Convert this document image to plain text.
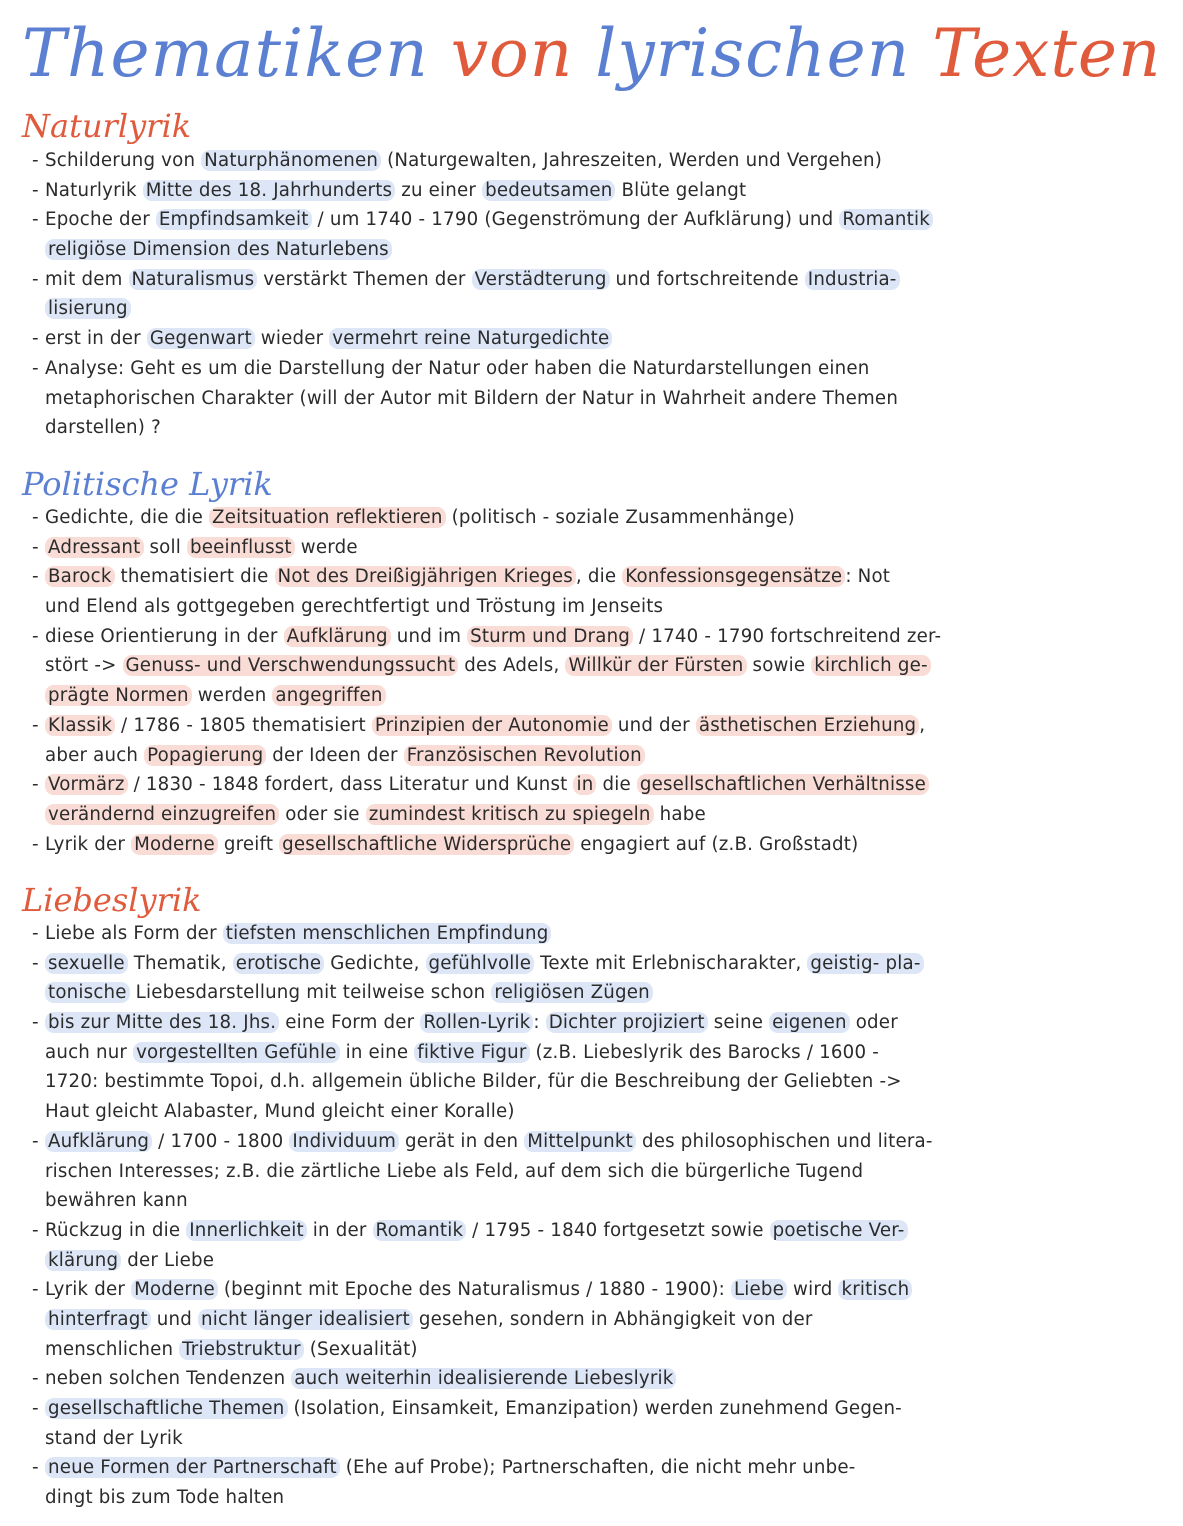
Thematiken von lyrischen Texten
Naturlyrik
- Schilderung von Naturphänomenen (Naturgewalten, Jahreszeiten, Werden und Vergehen)
- Naturlyrik Mitte des 18. Jahrhunderts zu einer bedeutsamen Blüte gelangt
- Epoche der Empfindsamkeit / um 1740 - 1790 (Gegenströmung der Aufklärung) und Romantik
religiöse Dimension des Naturlebens
- mit dem Naturalismus verstärkt Themen der Verstädterung und fortschreitende Industria-
lisierung
- erst in der Gegenwart wieder vermehrt reine Naturgedichte
- Analyse: Geht es um die Darstellung der Natur oder haben die Naturdarstellungen einen
metaphorischen Charakter (will der Autor mit Bildern der Natur in Wahrheit andere Themen
darstellen) ?
Politische Lyrik
- Gedichte, die die Zeitsituation reflektieren (politisch - soziale Zusammenhänge)
- Adressant soll beeinflusst werde
- Barock thematisiert die Not des Dreißigjährigen Krieges , die Konfessionsgegensätze : Not
und Elend als gottgegeben gerechtfertigt und Tröstung im Jenseits
- diese Orientierung in der Aufklärung und im Sturm und Drang / 1740 - 1790 fortschreitend zer-
stört -> Genuss- und Verschwendungssucht des Adels, Willkür der Fürsten sowie kirchlich ge-
prägte Normen werden angegriffen
- Klassik / 1786 - 1805 thematisiert Prinzipien der Autonomie und der ästhetischen Erziehung ,
aber auch Popagierung der Ideen der Französischen Revolution
- Vormärz / 1830 - 1848 fordert, dass Literatur und Kunst in die gesellschaftlichen Verhältnisse
verändernd einzugreifen oder sie zumindest kritisch zu spiegeln habe
- Lyrik der Moderne greift gesellschaftliche Widersprüche engagiert auf (z.B. Großstadt)
Liebeslyrik
- Liebe als Form der tiefsten menschlichen Empfindung
- sexuelle Thematik, erotische Gedichte, gefühlvolle Texte mit Erlebnischarakter, geistig- pla-
tonische Liebesdarstellung mit teilweise schon religiösen Zügen
- bis zur Mitte des 18. Jhs. eine Form der Rollen-Lyrik : Dichter projiziert seine eigenen oder
auch nur vorgestellten Gefühle in eine fiktive Figur (z.B. Liebeslyrik des Barocks / 1600 -
1720: bestimmte Topoi, d.h. allgemein übliche Bilder, für die Beschreibung der Geliebten ->
Haut gleicht Alabaster, Mund gleicht einer Koralle)
- Aufklärung / 1700 - 1800 Individuum gerät in den Mittelpunkt des philosophischen und litera-
rischen Interesses; z.B. die zärtliche Liebe als Feld, auf dem sich die bürgerliche Tugend
bewähren kann
- Rückzug in die Innerlichkeit in der Romantik / 1795 - 1840 fortgesetzt sowie poetische Ver-
klärung der Liebe
- Lyrik der Moderne (beginnt mit Epoche des Naturalismus / 1880 - 1900): Liebe wird kritisch
hinterfragt und nicht länger idealisiert gesehen, sondern in Abhängigkeit von der
menschlichen Triebstruktur (Sexualität)
- neben solchen Tendenzen auch weiterhin idealisierende Liebeslyrik
- gesellschaftliche Themen (Isolation, Einsamkeit, Emanzipation) werden zunehmend Gegen-
stand der Lyrik
- neue Formen der Partnerschaft (Ehe auf Probe); Partnerschaften, die nicht mehr unbe-
dingt bis zum Tode halten
